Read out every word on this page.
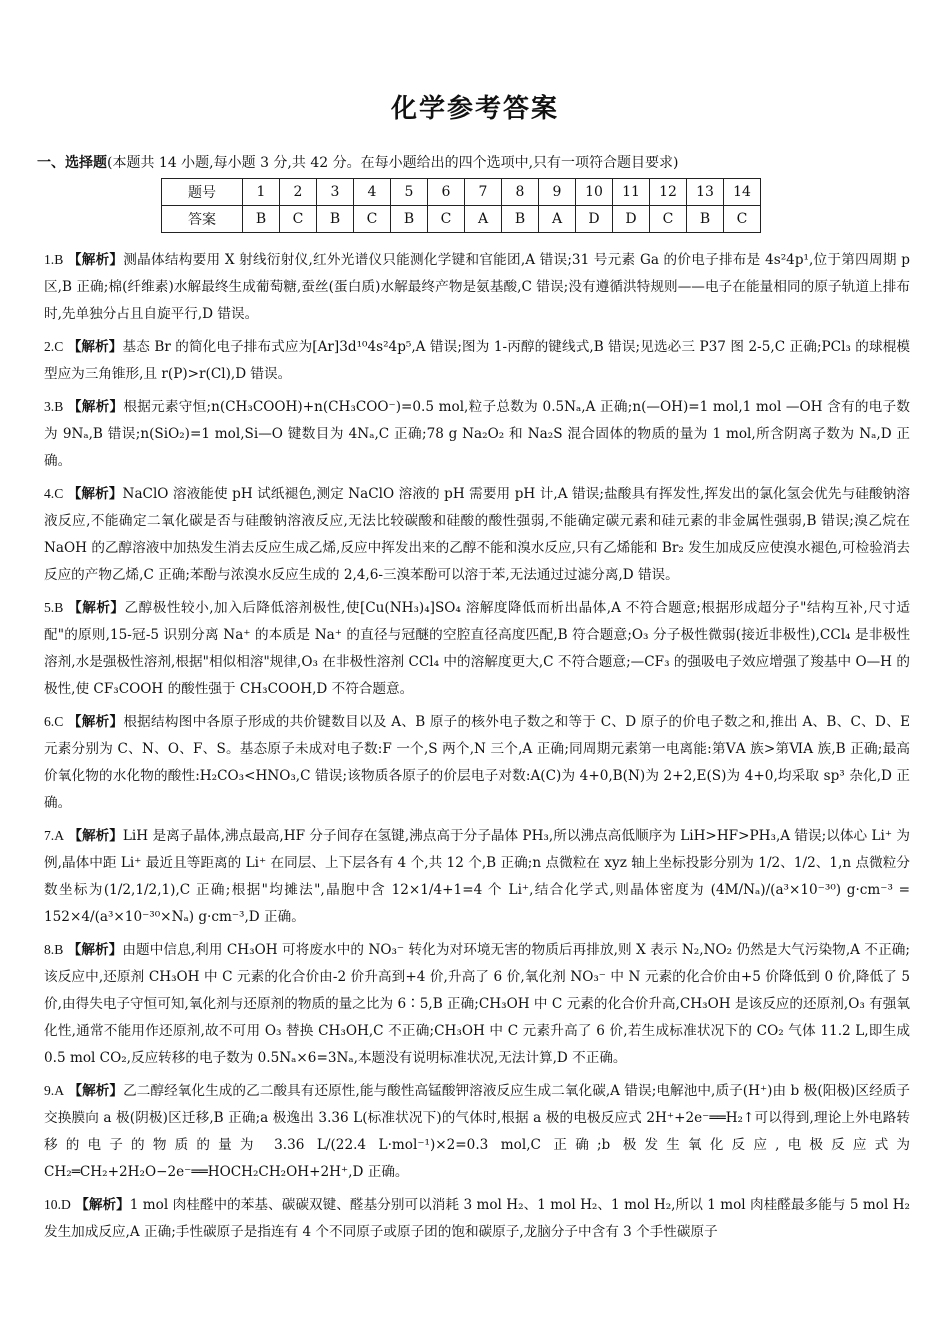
化学参考答案
一、选择题(本题共 14 小题,每小题 3 分,共 42 分。在每小题给出的四个选项中,只有一项符合题目要求)
题号	1	2	3	4	5	6	7	8	9	10	11	12	13	14
答案	B	C	B	C	B	C	A	B	A	D	D	C	B	C
1.B 【解析】测晶体结构要用 X 射线衍射仪,红外光谱仪只能测化学键和官能团,A 错误;31 号元素 Ga 的价电子排布是 4s²4p¹,位于第四周期 p 区,B 正确;棉(纤维素)水解最终生成葡萄糖,蚕丝(蛋白质)水解最终产物是氨基酸,C 错误;没有遵循洪特规则——电子在能量相同的原子轨道上排布时,先单独分占且自旋平行,D 错误。
2.C 【解析】基态 Br 的简化电子排布式应为[Ar]3d¹⁰4s²4p⁵,A 错误;图为 1-丙醇的键线式,B 错误;见选必三 P37 图 2-5,C 正确;PCl₃ 的球棍模型应为三角锥形,且 r(P)>r(Cl),D 错误。
3.B 【解析】根据元素守恒;n(CH₃COOH)+n(CH₃COO⁻)=0.5 mol,粒子总数为 0.5Nₐ,A 正确;n(—OH)=1 mol,1 mol —OH 含有的电子数为 9Nₐ,B 错误;n(SiO₂)=1 mol,Si—O 键数目为 4Nₐ,C 正确;78 g Na₂O₂ 和 Na₂S 混合固体的物质的量为 1 mol,所含阴离子数为 Nₐ,D 正确。
4.C 【解析】NaClO 溶液能使 pH 试纸褪色,测定 NaClO 溶液的 pH 需要用 pH 计,A 错误;盐酸具有挥发性,挥发出的氯化氢会优先与硅酸钠溶液反应,不能确定二氧化碳是否与硅酸钠溶液反应,无法比较碳酸和硅酸的酸性强弱,不能确定碳元素和硅元素的非金属性强弱,B 错误;溴乙烷在 NaOH 的乙醇溶液中加热发生消去反应生成乙烯,反应中挥发出来的乙醇不能和溴水反应,只有乙烯能和 Br₂ 发生加成反应使溴水褪色,可检验消去反应的产物乙烯,C 正确;苯酚与浓溴水反应生成的 2,4,6-三溴苯酚可以溶于苯,无法通过过滤分离,D 错误。
5.B 【解析】乙醇极性较小,加入后降低溶剂极性,使[Cu(NH₃)₄]SO₄ 溶解度降低而析出晶体,A 不符合题意;根据形成超分子"结构互补,尺寸适配"的原则,15-冠-5 识别分离 Na⁺ 的本质是 Na⁺ 的直径与冠醚的空腔直径高度匹配,B 符合题意;O₃ 分子极性微弱(接近非极性),CCl₄ 是非极性溶剂,水是强极性溶剂,根据"相似相溶"规律,O₃ 在非极性溶剂 CCl₄ 中的溶解度更大,C 不符合题意;—CF₃ 的强吸电子效应增强了羧基中 O—H 的极性,使 CF₃COOH 的酸性强于 CH₃COOH,D 不符合题意。
6.C 【解析】根据结构图中各原子形成的共价键数目以及 A、B 原子的核外电子数之和等于 C、D 原子的价电子数之和,推出 A、B、C、D、E 元素分别为 C、N、O、F、S。基态原子未成对电子数:F 一个,S 两个,N 三个,A 正确;同周期元素第一电离能:第ⅤA 族>第ⅥA 族,B 正确;最高价氧化物的水化物的酸性:H₂CO₃<HNO₃,C 错误;该物质各原子的价层电子对数:A(C)为 4+0,B(N)为 2+2,E(S)为 4+0,均采取 sp³ 杂化,D 正确。
7.A 【解析】LiH 是离子晶体,沸点最高,HF 分子间存在氢键,沸点高于分子晶体 PH₃,所以沸点高低顺序为 LiH>HF>PH₃,A 错误;以体心 Li⁺ 为例,晶体中距 Li⁺ 最近且等距离的 Li⁺ 在同层、上下层各有 4 个,共 12 个,B 正确;n 点微粒在 xyz 轴上坐标投影分别为 1/2、1/2、1,n 点微粒分数坐标为(1/2,1/2,1),C 正确;根据"均摊法",晶胞中含 12×1/4+1=4 个 Li⁺,结合化学式,则晶体密度为 (4M/Nₐ)/(a³×10⁻³⁰) g·cm⁻³ = 152×4/(a³×10⁻³⁰×Nₐ) g·cm⁻³,D 正确。
8.B 【解析】由题中信息,利用 CH₃OH 可将废水中的 NO₃⁻ 转化为对环境无害的物质后再排放,则 X 表示 N₂,NO₂ 仍然是大气污染物,A 不正确;该反应中,还原剂 CH₃OH 中 C 元素的化合价由-2 价升高到+4 价,升高了 6 价,氧化剂 NO₃⁻ 中 N 元素的化合价由+5 价降低到 0 价,降低了 5 价,由得失电子守恒可知,氧化剂与还原剂的物质的量之比为 6∶5,B 正确;CH₃OH 中 C 元素的化合价升高,CH₃OH 是该反应的还原剂,O₃ 有强氧化性,通常不能用作还原剂,故不可用 O₃ 替换 CH₃OH,C 不正确;CH₃OH 中 C 元素升高了 6 价,若生成标准状况下的 CO₂ 气体 11.2 L,即生成 0.5 mol CO₂,反应转移的电子数为 0.5Nₐ×6=3Nₐ,本题没有说明标准状况,无法计算,D 不正确。
9.A 【解析】乙二醇经氧化生成的乙二酸具有还原性,能与酸性高锰酸钾溶液反应生成二氧化碳,A 错误;电解池中,质子(H⁺)由 b 极(阳极)区经质子交换膜向 a 极(阴极)区迁移,B 正确;a 极逸出 3.36 L(标准状况下)的气体时,根据 a 极的电极反应式 2H⁺+2e⁻══H₂↑可以得到,理论上外电路转移的电子的物质的量为 3.36 L/(22.4 L·mol⁻¹)×2=0.3 mol,C 正确;b 极发生氧化反应,电极反应式为 CH₂═CH₂+2H₂O−2e⁻══HOCH₂CH₂OH+2H⁺,D 正确。
10.D 【解析】1 mol 肉桂醛中的苯基、碳碳双键、醛基分别可以消耗 3 mol H₂、1 mol H₂、1 mol H₂,所以 1 mol 肉桂醛最多能与 5 mol H₂ 发生加成反应,A 正确;手性碳原子是指连有 4 个不同原子或原子团的饱和碳原子,龙脑分子中含有 3 个手性碳原子
